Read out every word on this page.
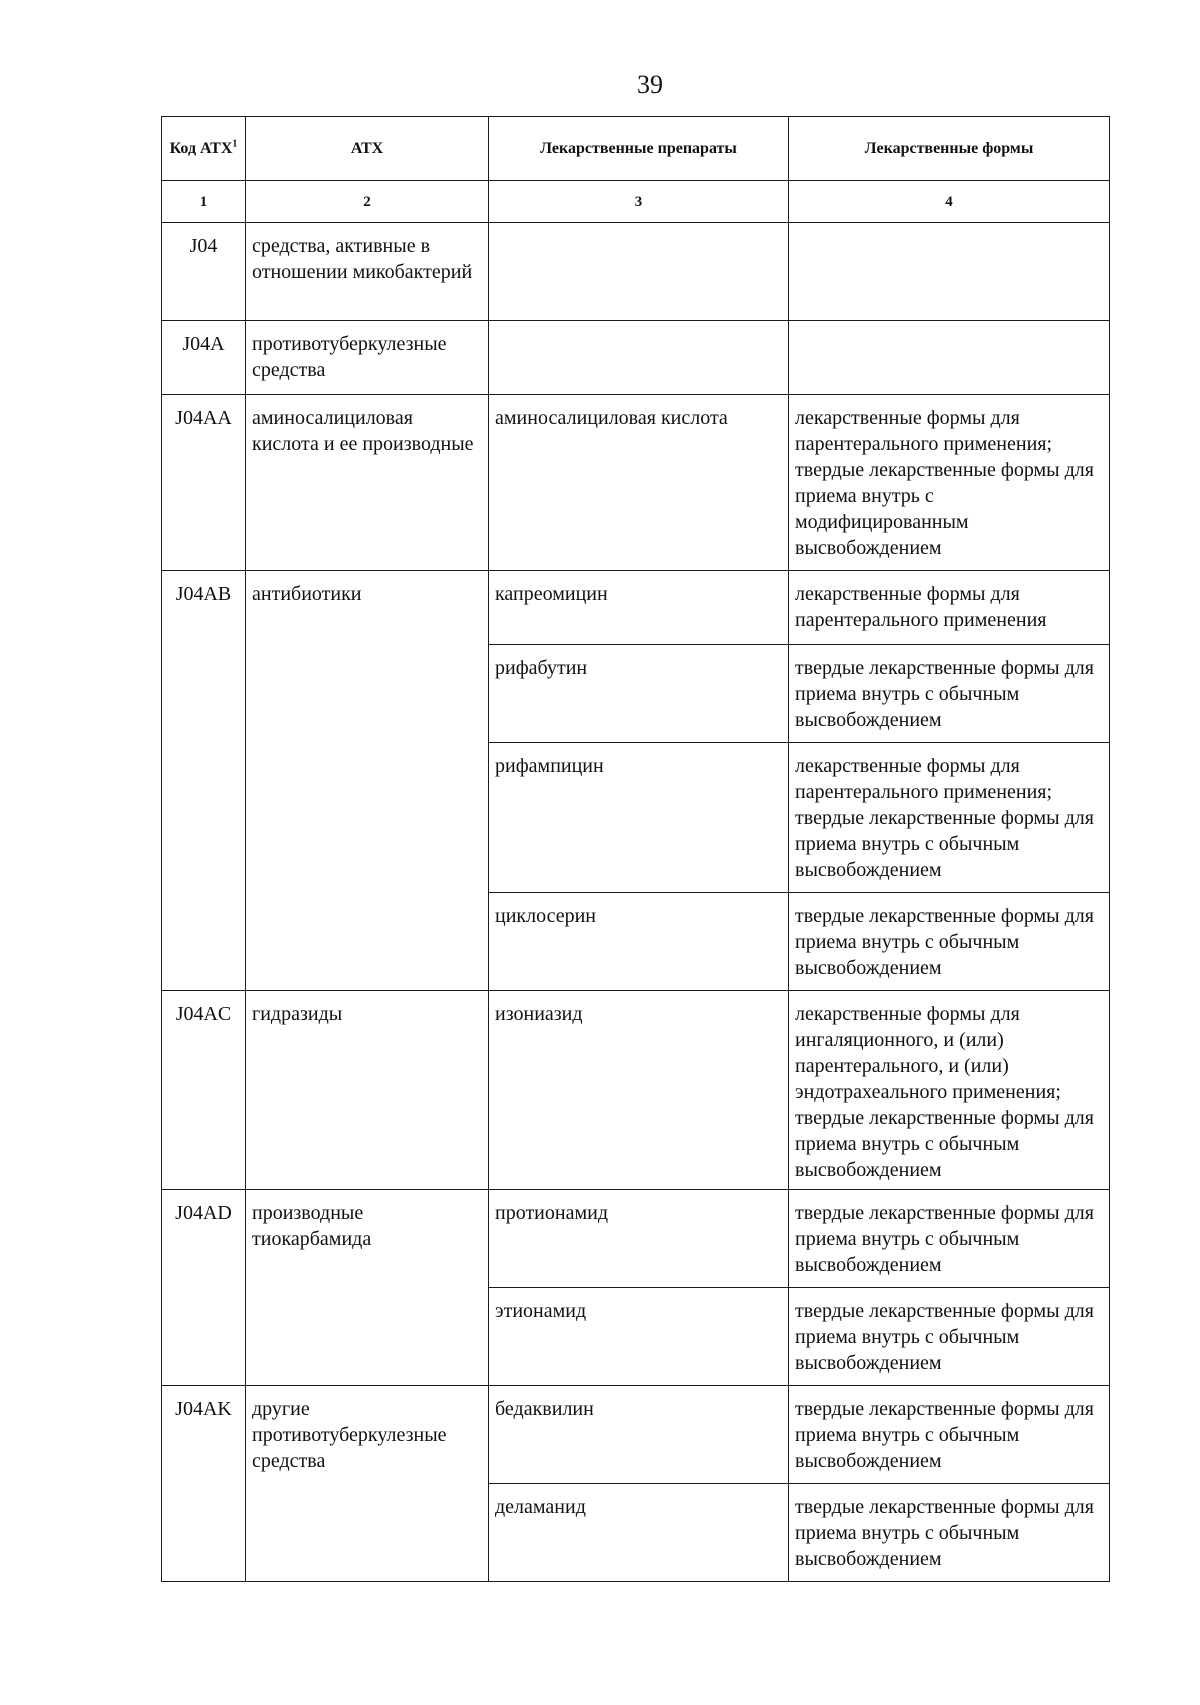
39
Код АТХ$^1$	АТХ	Лекарственные препараты	Лекарственные формы
1	2	3	4
J04	средства, активные в отношении микобактерий		
J04A	противотуберкулезные средства		
J04AA	аминосалициловая кислота и ее производные	аминосалициловая кислота	лекарственные формы для парентерального применения; твердые лекарственные формы для приема внутрь с модифицированным высвобождением
J04AB	антибиотики	капреомицин	лекарственные формы для парентерального применения
		рифабутин	твердые лекарственные формы для приема внутрь с обычным высвобождением
		рифампицин	лекарственные формы для парентерального применения; твердые лекарственные формы для приема внутрь с обычным высвобождением
		циклосерин	твердые лекарственные формы для приема внутрь с обычным высвобождением
J04AC	гидразиды	изониазид	лекарственные формы для ингаляционного, и (или) парентерального, и (или) эндотрахеального применения; твердые лекарственные формы для приема внутрь с обычным высвобождением
J04AD	производные тиокарбамида	протионамид	твердые лекарственные формы для приема внутрь с обычным высвобождением
		этионамид	твердые лекарственные формы для приема внутрь с обычным высвобождением
J04AK	другие противотуберкулезные средства	бедаквилин	твердые лекарственные формы для приема внутрь с обычным высвобождением
		деламанид	твердые лекарственные формы для приема внутрь с обычным высвобождением
